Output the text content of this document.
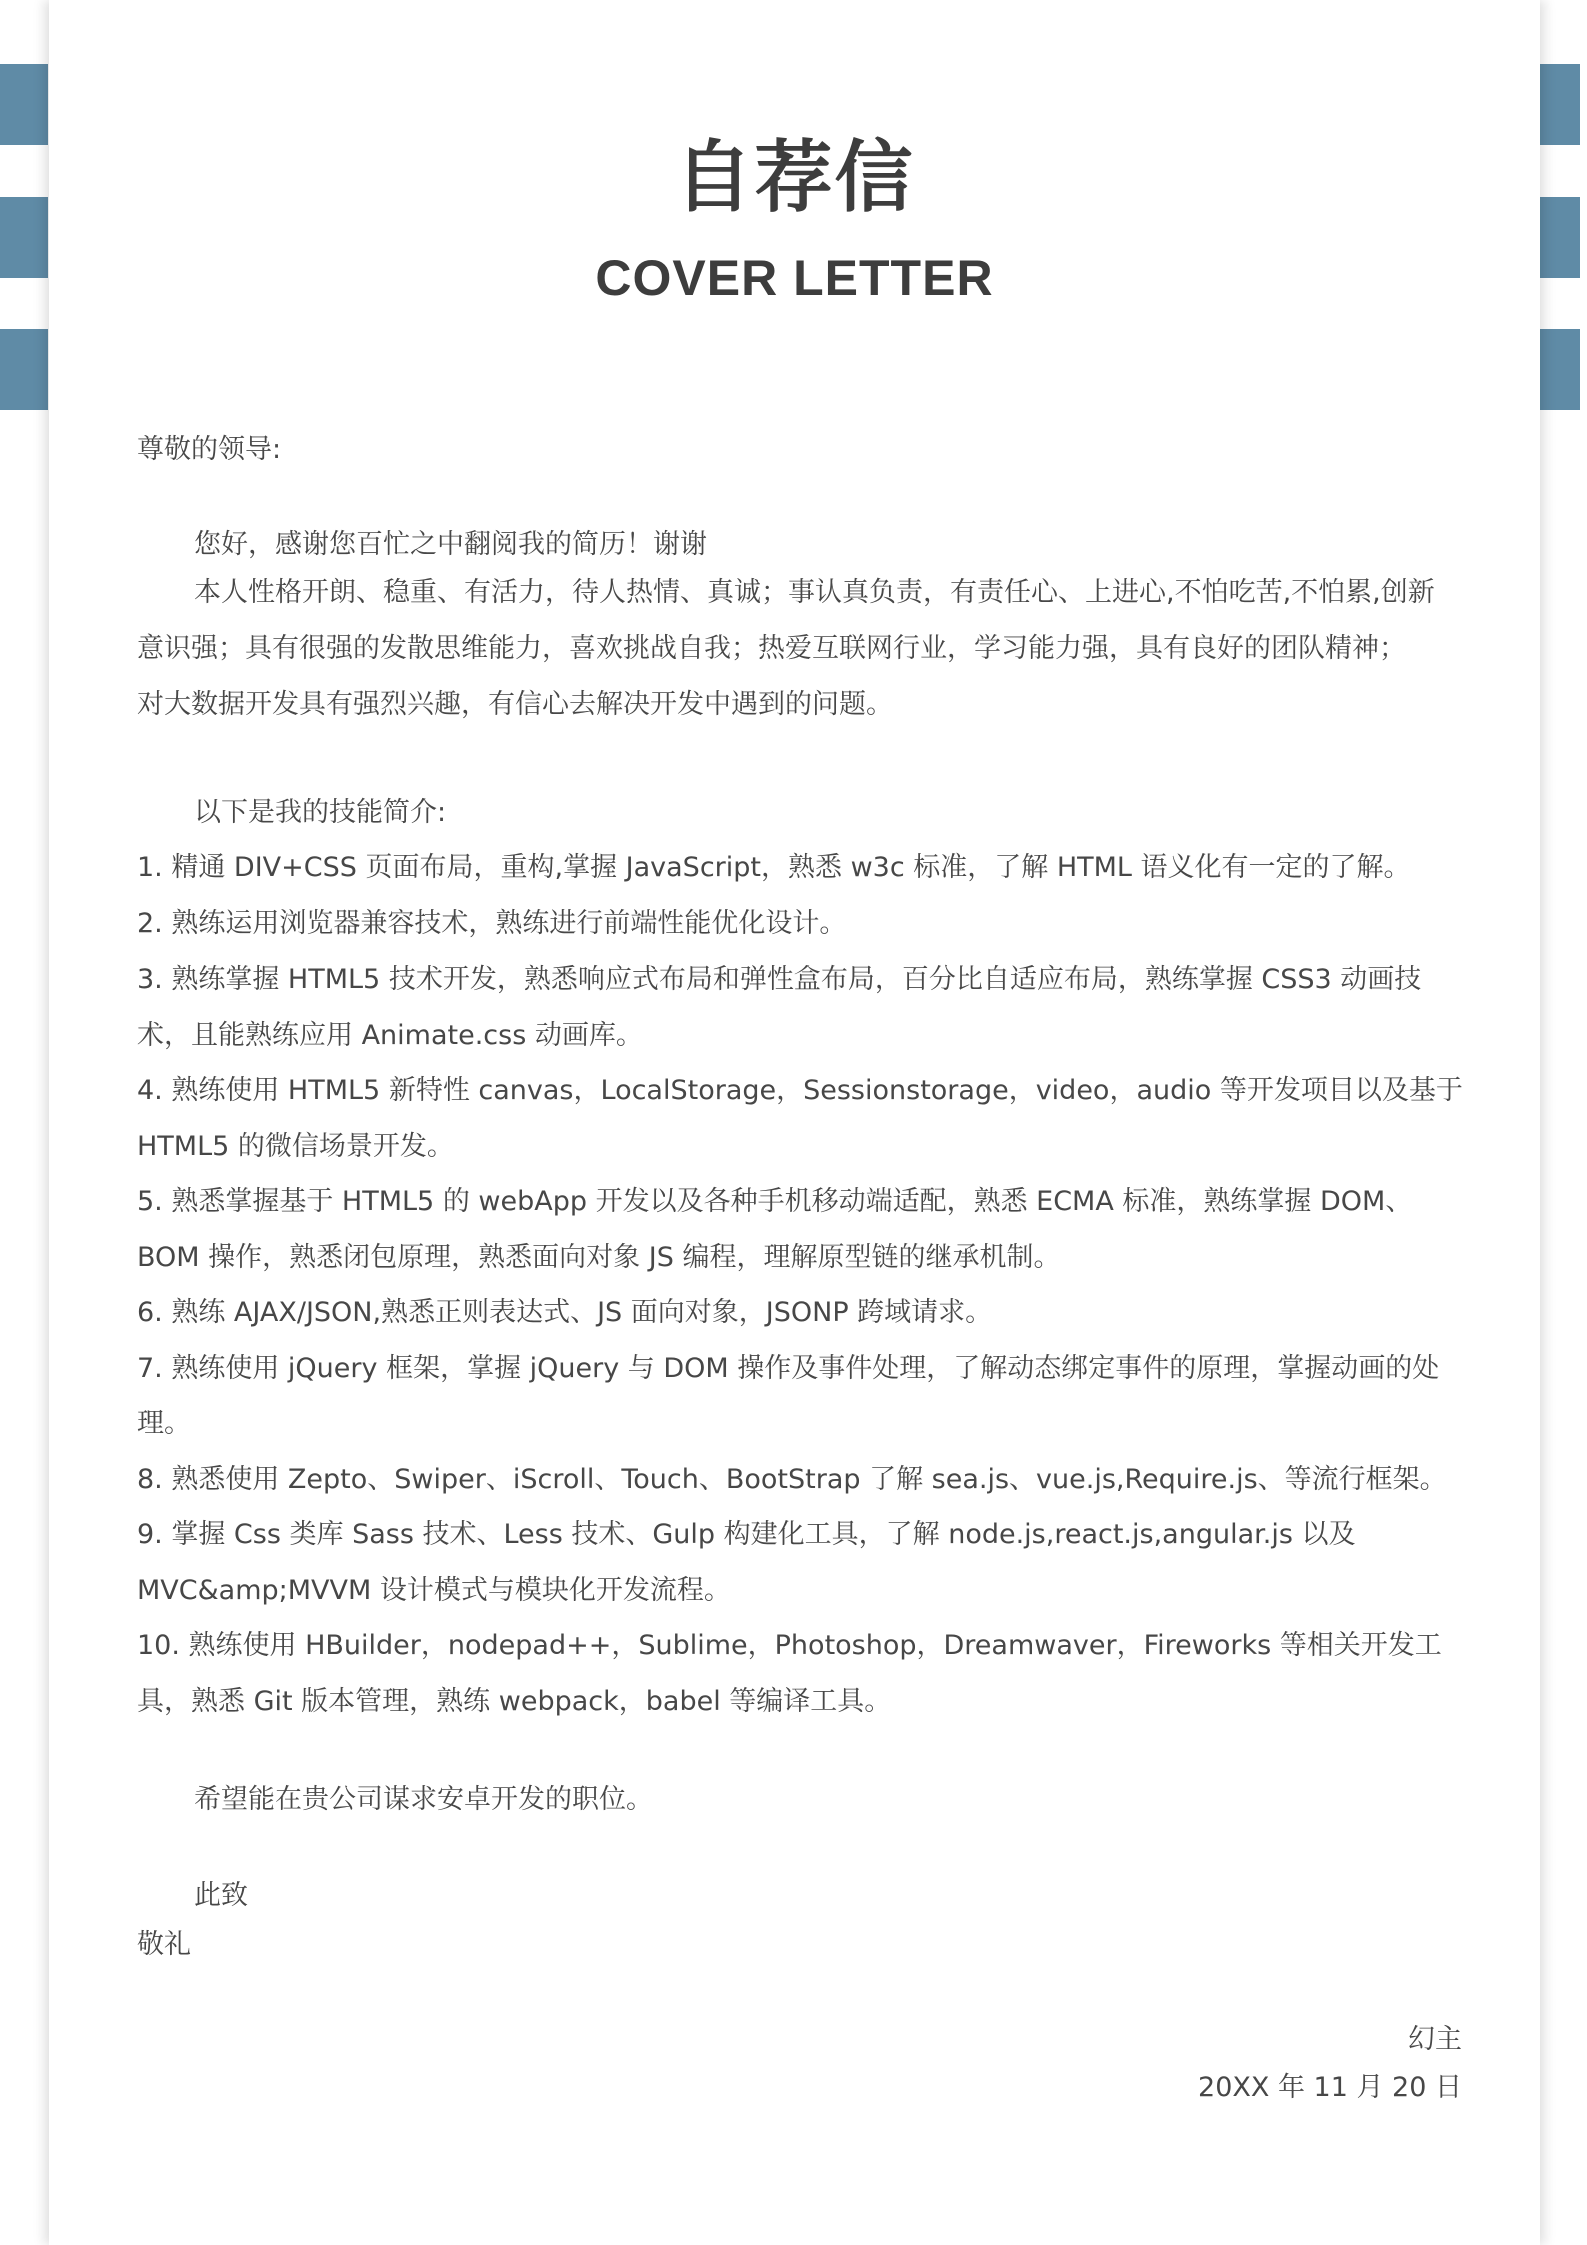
自荐信
COVER LETTER
尊敬的领导:
您好，感谢您百忙之中翻阅我的简历！谢谢
本人性格开朗、稳重、有活力，待人热情、真诚；事认真负责，有责任心、上进心,不怕吃苦,不怕累,创新
意识强；具有很强的发散思维能力，喜欢挑战自我；热爱互联网行业，学习能力强，具有良好的团队精神；
对大数据开发具有强烈兴趣，有信心去解决开发中遇到的问题。
以下是我的技能简介:
1. 精通 DIV+CSS 页面布局，重构,掌握 JavaScript，熟悉 w3c 标准，了解 HTML 语义化有一定的了解。
2. 熟练运用浏览器兼容技术，熟练进行前端性能优化设计。
3. 熟练掌握 HTML5 技术开发，熟悉响应式布局和弹性盒布局，百分比自适应布局，熟练掌握 CSS3 动画技
术，且能熟练应用 Animate.css 动画库。
4. 熟练使用 HTML5 新特性 canvas，LocalStorage，Sessionstorage，video，audio 等开发项目以及基于
HTML5 的微信场景开发。
5. 熟悉掌握基于 HTML5 的 webApp 开发以及各种手机移动端适配，熟悉 ECMA 标准，熟练掌握 DOM、
BOM 操作，熟悉闭包原理，熟悉面向对象 JS 编程，理解原型链的继承机制。
6. 熟练 AJAX/JSON,熟悉正则表达式、JS 面向对象，JSONP 跨域请求。
7. 熟练使用 jQuery 框架，掌握 jQuery 与 DOM 操作及事件处理，了解动态绑定事件的原理，掌握动画的处
理。
8. 熟悉使用 Zepto、Swiper、iScroll、Touch、BootStrap 了解 sea.js、vue.js,Require.js、等流行框架。
9. 掌握 Css 类库 Sass 技术、Less 技术、Gulp 构建化工具，了解 node.js,react.js,angular.js 以及
MVC&amp;MVVM 设计模式与模块化开发流程。
10. 熟练使用 HBuilder，nodepad++，Sublime，Photoshop，Dreamwaver，Fireworks 等相关开发工
具，熟悉 Git 版本管理，熟练 webpack，babel 等编译工具。
希望能在贵公司谋求安卓开发的职位。
此致
敬礼
幻主
20XX 年 11 月 20 日
